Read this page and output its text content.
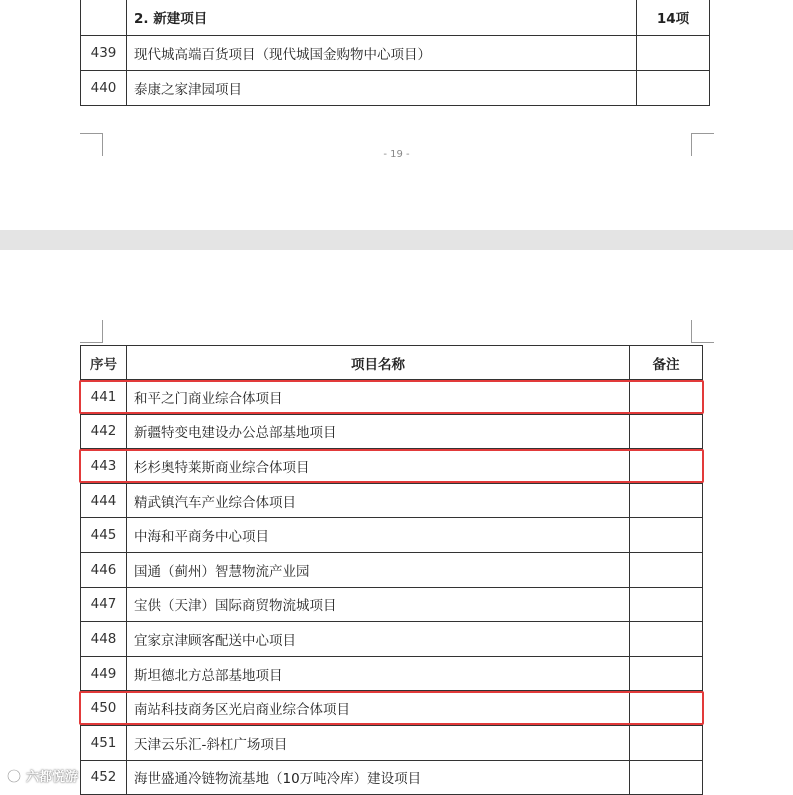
	2. 新建项目	14项
439	现代城高端百货项目（现代城国金购物中心项目）	
440	泰康之家津园项目	
- 19 -
序号	项目名称	备注
441	和平之门商业综合体项目	
442	新疆特变电建设办公总部基地项目	
443	杉杉奥特莱斯商业综合体项目	
444	精武镇汽车产业综合体项目	
445	中海和平商务中心项目	
446	国通（蓟州）智慧物流产业园	
447	宝供（天津）国际商贸物流城项目	
448	宜家京津顾客配送中心项目	
449	斯坦德北方总部基地项目	
450	南站科技商务区光启商业综合体项目	
451	天津云乐汇-斜杠广场项目	
452	海世盛通冷链物流基地（10万吨冷库）建设项目	
六都悦游
